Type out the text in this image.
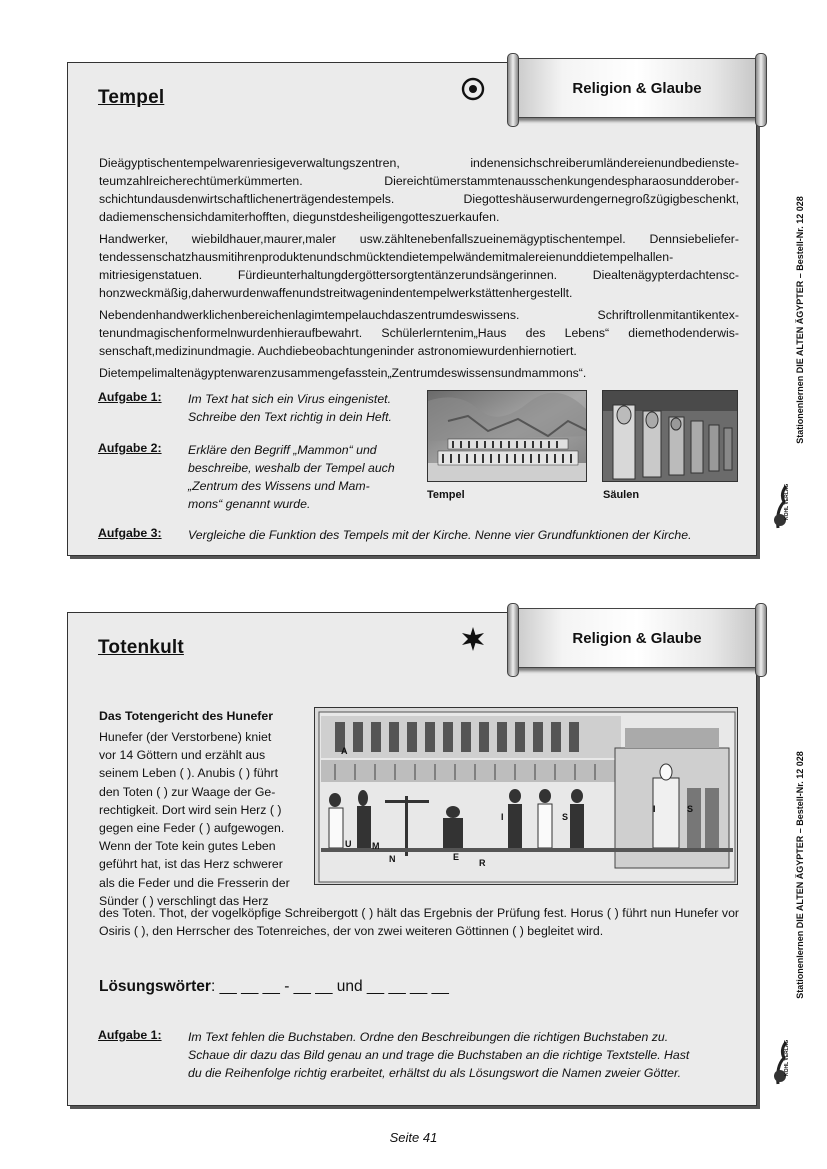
Tempel	Religion & Glaube

Dieägyptischentempelwarenriesigeverwaltungszentren, indenensichschreiberumländereienundbedienste-teumzahlreicherechtümerkümmerten. Diereichtümerstammtenausschenkungendespharaosundderober-schichtundausdenwirtschaftlichenerträgendestempels. Diegotteshäuserwurdengernegroßzügigbeschenkt, dadiemenschensichdamiterhofften, diegunstdesheiligengotteszuerkaufen.

Handwerker, wiebildhauer,maurer,maler usw.zähltenebenfallszueinemägyptischentempel. Dennsiebeliefer-tendessenschatzhausmitihrenproduktenundschmücktendietempelwändemitmalereienunddietempelhallen-mitriesigenstatuen. Fürdieunterhaltungdergöttersorgtentänzerundsängerinnen. Diealtenägypterdachtensc-honzweckmäßig,daherwurdenwaffenundstreitwagenindentempelwerkstättenhergestellt.

Nebendenhandwerklichenbereichenlagimtempelauchdaszentrumdeswissens. Schriftrollenmitantikentex-tenundmagischenformelnwurdenhieraufbewahrt. Schülerlerntenim„Haus des Lebens“ diemethodenderwis-senschaft,medizinundmagie. Auchdiebeobachtungeninder astronomiewurdenhiernotiert.

Dietempelimaltenägyptenwarenzusammengefasstein„Zentrumdeswissensundmammons“.

Aufgabe 1: Im Text hat sich ein Virus eingenistet.
Schreibe den Text richtig in dein Heft.
Aufgabe 2: Erkläre den Begriff „Mammon“ und
beschreibe, weshalb der Tempel auch
„Zentrum des Wissens und Mam-
mons“ genannt wurde.
Aufgabe 3: Vergleiche die Funktion des Tempels mit der Kirche. Nenne vier Grundfunktionen der Kirche.
Tempel	Säulen
Totenkult	Religion & Glaube
Das Totengericht des Hunefer
Hunefer (der Verstorbene) kniet
vor 14 Göttern und erzählt aus
seinem Leben ( ). Anubis ( ) führt
den Toten ( ) zur Waage der Ge-
rechtigkeit. Dort wird sein Herz ( )
gegen eine Feder ( ) aufgewogen.
Wenn der Tote kein gutes Leben
geführt hat, ist das Herz schwerer
als die Feder und die Fresserin der
Sünder ( ) verschlingt das Herz
des Toten. Thot, der vogelköpfige Schreibergott ( ) hält das Ergebnis der Prüfung fest. Horus ( ) führt nun Hunefer vor Osiris ( ), den Herrscher des Totenreiches, der von zwei weiteren Göttinnen ( ) begleitet wird.
A
U M
N	E
R
I	S
I	S
Lösungswörter: __ __ __ - __ __ und __ __ __ __
Aufgabe 1: Im Text fehlen die Buchstaben. Ordne den Beschreibungen die richtigen Buchstaben zu.
Schaue dir dazu das Bild genau an und trage die Buchstaben an die richtige Textstelle. Hast
du die Reihenfolge richtig erarbeitet, erhältst du als Lösungswort die Namen zweier Götter.
Stationenlernen DIE ALTEN ÄGYPTER – Bestell-Nr. 12 028
Stationenlernen DIE ALTEN ÄGYPTER – Bestell-Nr. 12 028
KOHL VERLAG
KOHL VERLAG
Seite 41
